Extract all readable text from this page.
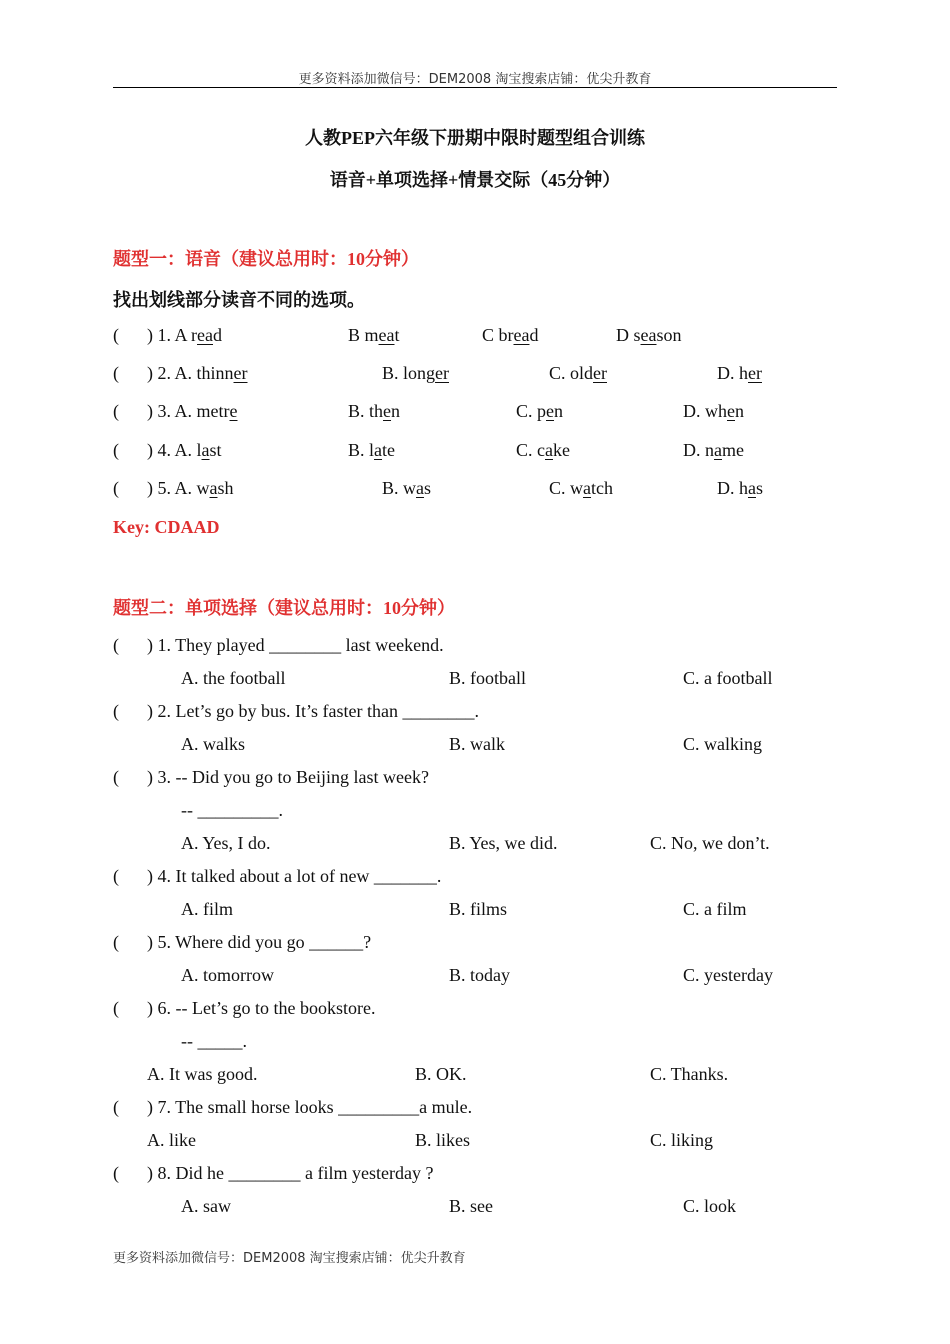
更多资料添加微信号：DEM2008 淘宝搜索店铺：优尖升教育
人教PEP六年级下册期中限时题型组合训练
语音+单项选择+情景交际（45分钟）
题型一：语音（建议总用时：10分钟）
找出划线部分读音不同的选项。
( ) 1. A read	B meat	C bread	D season
( ) 2. A. thinner	B. longer	C. older	D. her
( ) 3. A. metre	B. then	C. pen	D. when
( ) 4. A. last	B. late	C. cake	D. name
( ) 5. A. wash	B. was	C. watch	D. has
Key: CDAAD
题型二：单项选择（建议总用时：10分钟）
( ) 1. They played ________ last weekend.
A. the football	B. football	C. a football
( ) 2. Let’s go by bus. It’s faster than ________.
A. walks	B. walk	C. walking
( ) 3. -- Did you go to Beijing last week?
-- _________.
A. Yes, I do.	B. Yes, we did.	C. No, we don’t.
( ) 4. It talked about a lot of new _______.
A. film	B. films	C. a film
( ) 5. Where did you go ______?
A. tomorrow	B. today	C. yesterday
( ) 6. -- Let’s go to the bookstore.
-- _____.
A. It was good.	B. OK.	C. Thanks.
( ) 7. The small horse looks _________a mule.
A. like	B. likes	C. liking
( ) 8. Did he ________ a film yesterday ?
A. saw	B. see	C. look
更多资料添加微信号：DEM2008 淘宝搜索店铺：优尖升教育
